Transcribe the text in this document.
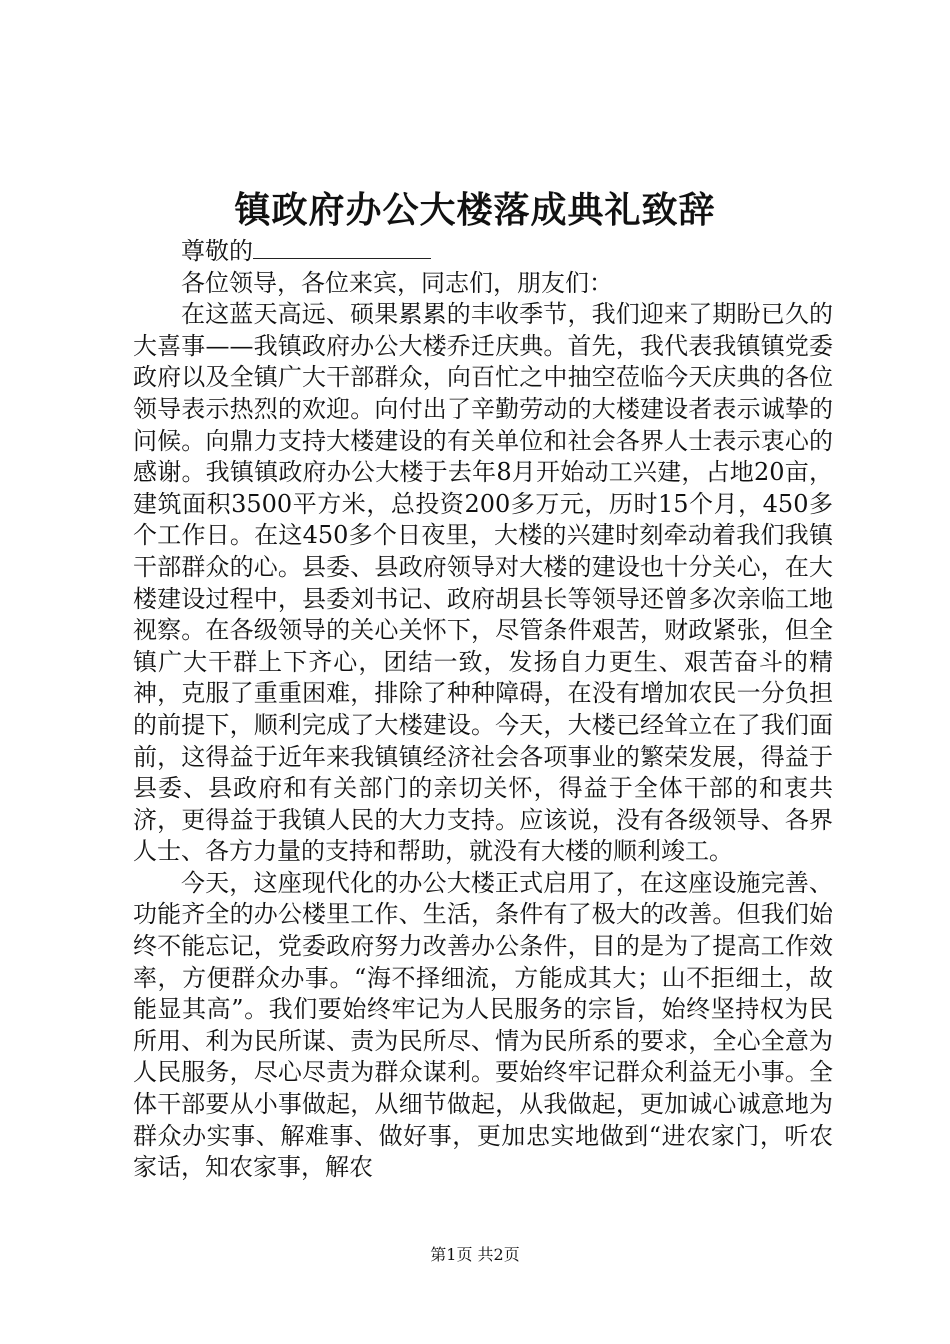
镇政府办公大楼落成典礼致辞

尊敬的

各位领导，各位来宾，同志们，朋友们：

在这蓝天高远、硕果累累的丰收季节，我们迎来了期盼已久的大喜事——我镇政府办公大楼乔迁庆典。首先，我代表我镇镇党委政府以及全镇广大干部群众，向百忙之中抽空莅临今天庆典的各位领导表示热烈的欢迎。向付出了辛勤劳动的大楼建设者表示诚挚的问候。向鼎力支持大楼建设的有关单位和社会各界人士表示衷心的感谢。我镇镇政府办公大楼于去年8月开始动工兴建，占地20亩，建筑面积3500平方米，总投资200多万元，历时15个月，450多个工作日。在这450多个日夜里，大楼的兴建时刻牵动着我们我镇干部群众的心。县委、县政府领导对大楼的建设也十分关心，在大楼建设过程中，县委刘书记、政府胡县长等领导还曾多次亲临工地视察。在各级领导的关心关怀下，尽管条件艰苦，财政紧张，但全镇广大干群上下齐心，团结一致，发扬自力更生、艰苦奋斗的精神，克服了重重困难，排除了种种障碍，在没有增加农民一分负担的前提下，顺利完成了大楼建设。今天，大楼已经耸立在了我们面前，这得益于近年来我镇镇经济社会各项事业的繁荣发展，得益于县委、县政府和有关部门的亲切关怀，得益于全体干部的和衷共济，更得益于我镇人民的大力支持。应该说，没有各级领导、各界人士、各方力量的支持和帮助，就没有大楼的顺利竣工。

今天，这座现代化的办公大楼正式启用了，在这座设施完善、功能齐全的办公楼里工作、生活，条件有了极大的改善。但我们始终不能忘记，党委政府努力改善办公条件，目的是为了提高工作效率，方便群众办事。“海不择细流，方能成其大；山不拒细土，故能显其高”。我们要始终牢记为人民服务的宗旨，始终坚持权为民所用、利为民所谋、责为民所尽、情为民所系的要求，全心全意为人民服务，尽心尽责为群众谋利。要始终牢记群众利益无小事。全体干部要从小事做起，从细节做起，从我做起，更加诚心诚意地为群众办实事、解难事、做好事，更加忠实地做到“进农家门，听农家话，知农家事，解农

第1页 共2页
